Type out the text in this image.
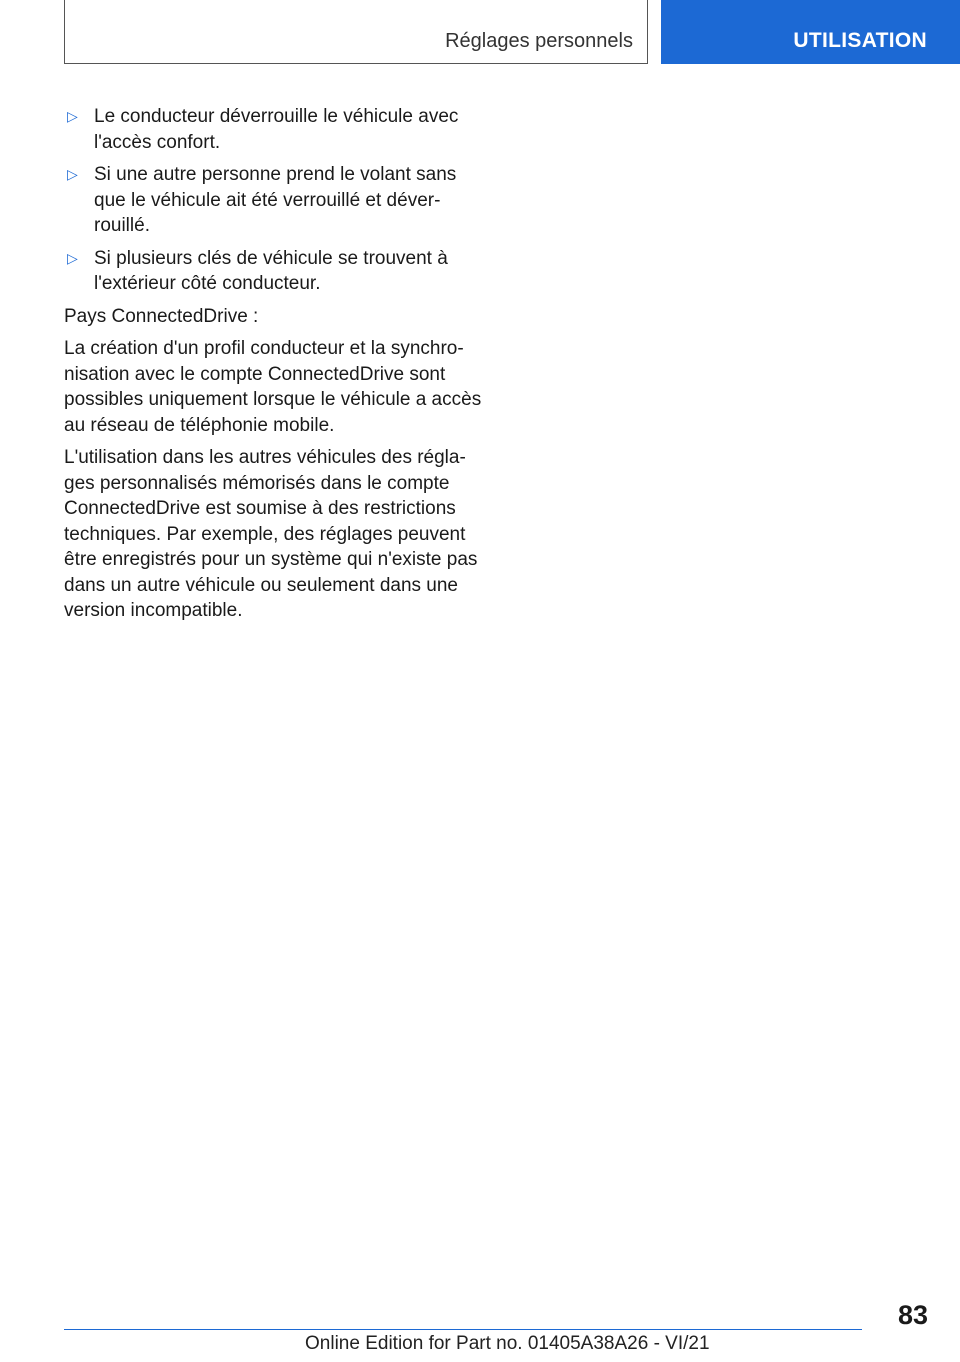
Réglages personnels	UTILISATION
▷ Le conducteur déverrouille le véhicule avec l'accès confort.
▷ Si une autre personne prend le volant sans que le véhicule ait été verrouillé et déverrouillé.
▷ Si plusieurs clés de véhicule se trouvent à l'extérieur côté conducteur.

Pays ConnectedDrive :

La création d'un profil conducteur et la synchronisation avec le compte ConnectedDrive sont possibles uniquement lorsque le véhicule a accès au réseau de téléphonie mobile.

L'utilisation dans les autres véhicules des réglages personnalisés mémorisés dans le compte ConnectedDrive est soumise à des restrictions techniques. Par exemple, des réglages peuvent être enregistrés pour un système qui n'existe pas dans un autre véhicule ou seulement dans une version incompatible.

83
Online Edition for Part no. 01405A38A26 - VI/21
